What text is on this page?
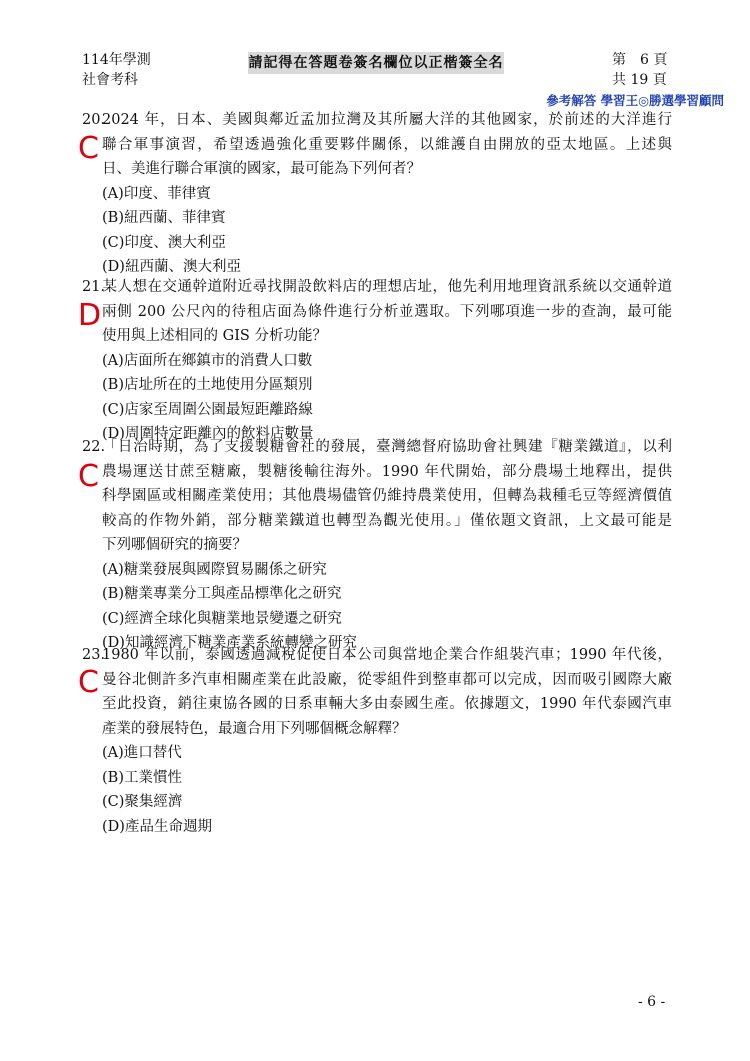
114年學測
社會考科
請記得在答題卷簽名欄位以正楷簽全名	第　6 頁
共 19 頁
參考解答 學習王◎勝選學習顧問
20.2024 年，日本、美國與鄰近孟加拉灣及其所屬大洋的其他國家，於前述的大洋進行
聯合軍事演習，希望透過強化重要夥伴關係，以維護自由開放的亞太地區。上述與
日、美進行聯合軍演的國家，最可能為下列何者？
(A)印度、菲律賓
(B)紐西蘭、菲律賓
(C)印度、澳大利亞
(D)紐西蘭、澳大利亞
C
21.某人想在交通幹道附近尋找開設飲料店的理想店址，他先利用地理資訊系統以交通幹道
兩側 200 公尺內的待租店面為條件進行分析並選取。下列哪項進一步的查詢，最可能
使用與上述相同的 GIS 分析功能？
(A)店面所在鄉鎮市的消費人口數
(B)店址所在的土地使用分區類別
(C)店家至周圍公園最短距離路線
(D)周圍特定距離內的飲料店數量
D
22.「日治時期，為了支援製糖會社的發展，臺灣總督府協助會社興建『糖業鐵道』，以利
農場運送甘蔗至糖廠，製糖後輸往海外。1990 年代開始，部分農場土地釋出，提供
科學園區或相關產業使用；其他農場儘管仍維持農業使用，但轉為栽種毛豆等經濟價值
較高的作物外銷，部分糖業鐵道也轉型為觀光使用。」僅依題文資訊，上文最可能是
下列哪個研究的摘要？
(A)糖業發展與國際貿易關係之研究
(B)糖業專業分工與產品標準化之研究
(C)經濟全球化與糖業地景變遷之研究
(D)知識經濟下糖業產業系統轉變之研究
C
23.1980 年以前，泰國透過減稅促使日本公司與當地企業合作組裝汽車；1990 年代後，
曼谷北側許多汽車相關產業在此設廠，從零組件到整車都可以完成，因而吸引國際大廠
至此投資，銷往東協各國的日系車輛大多由泰國生產。依據題文，1990 年代泰國汽車
產業的發展特色，最適合用下列哪個概念解釋？
(A)進口替代
(B)工業慣性
(C)聚集經濟
(D)產品生命週期
C
- 6 -
